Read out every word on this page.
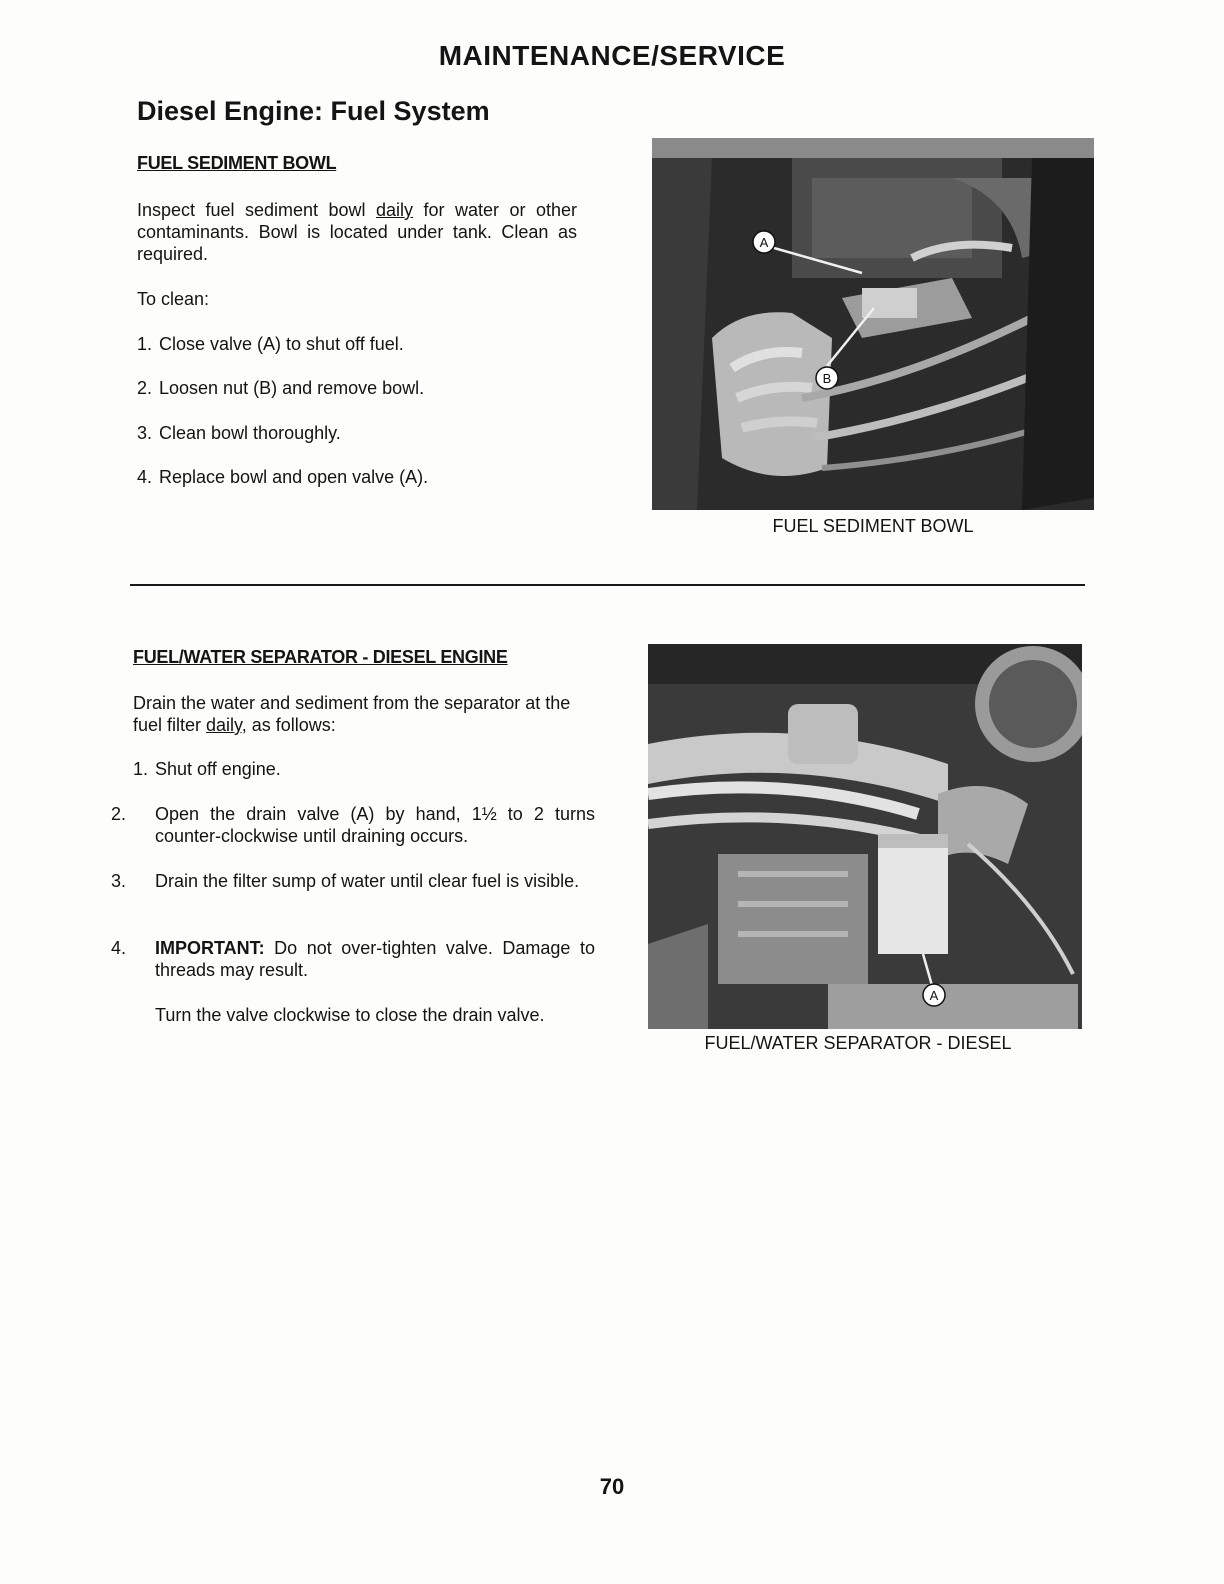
MAINTENANCE/SERVICE
Diesel Engine: Fuel System
FUEL SEDIMENT BOWL

Inspect fuel sediment bowl daily for water or other contaminants. Bowl is located under tank. Clean as required.

To clean:

1. Close valve (A) to shut off fuel.

2. Loosen nut (B) and remove bowl.

3. Clean bowl thoroughly.

4. Replace bowl and open valve (A).

A
B

FUEL SEDIMENT BOWL

FUEL/WATER SEPARATOR - DIESEL ENGINE

Drain the water and sediment from the separator at the fuel filter daily, as follows:

1. Shut off engine.

2. Open the drain valve (A) by hand, 1½ to 2 turns counter-clockwise until draining occurs.

3. Drain the filter sump of water until clear fuel is visible.

4. IMPORTANT: Do not over-tighten valve. Damage to threads may result.

Turn the valve clockwise to close the drain valve.

A

FUEL/WATER SEPARATOR - DIESEL

70
